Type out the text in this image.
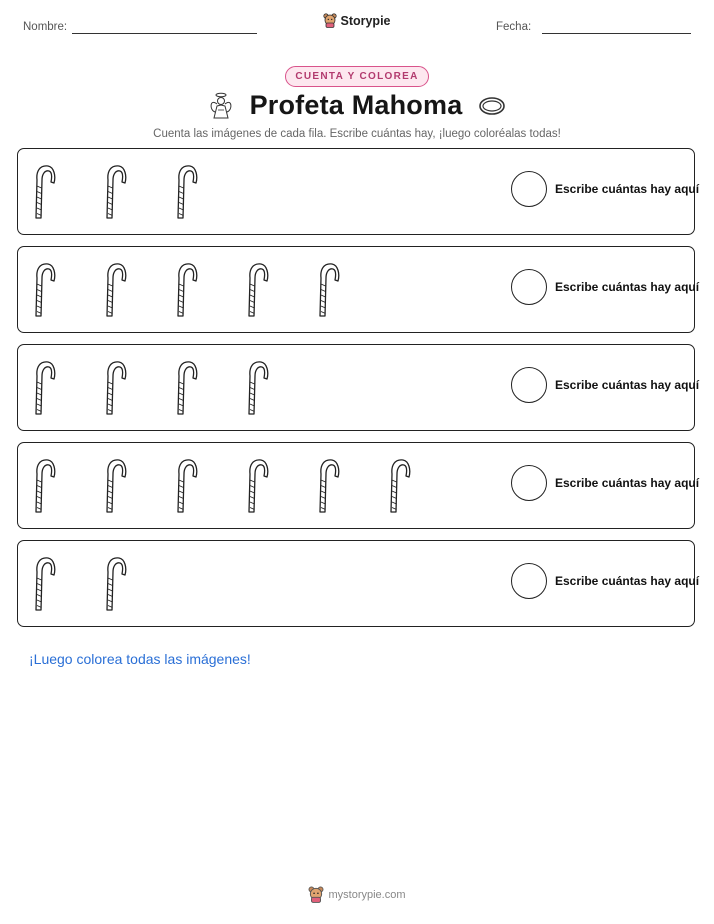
Nombre:	Storypie	Fecha:
CUENTA Y COLOREA
Profeta Mahoma
Cuenta las imágenes de cada fila. Escribe cuántas hay, ¡luego coloréalas todas!
Escribe cuántas hay aquí
Escribe cuántas hay aquí
Escribe cuántas hay aquí
Escribe cuántas hay aquí
Escribe cuántas hay aquí
¡Luego colorea todas las imágenes!
mystorypie.com
